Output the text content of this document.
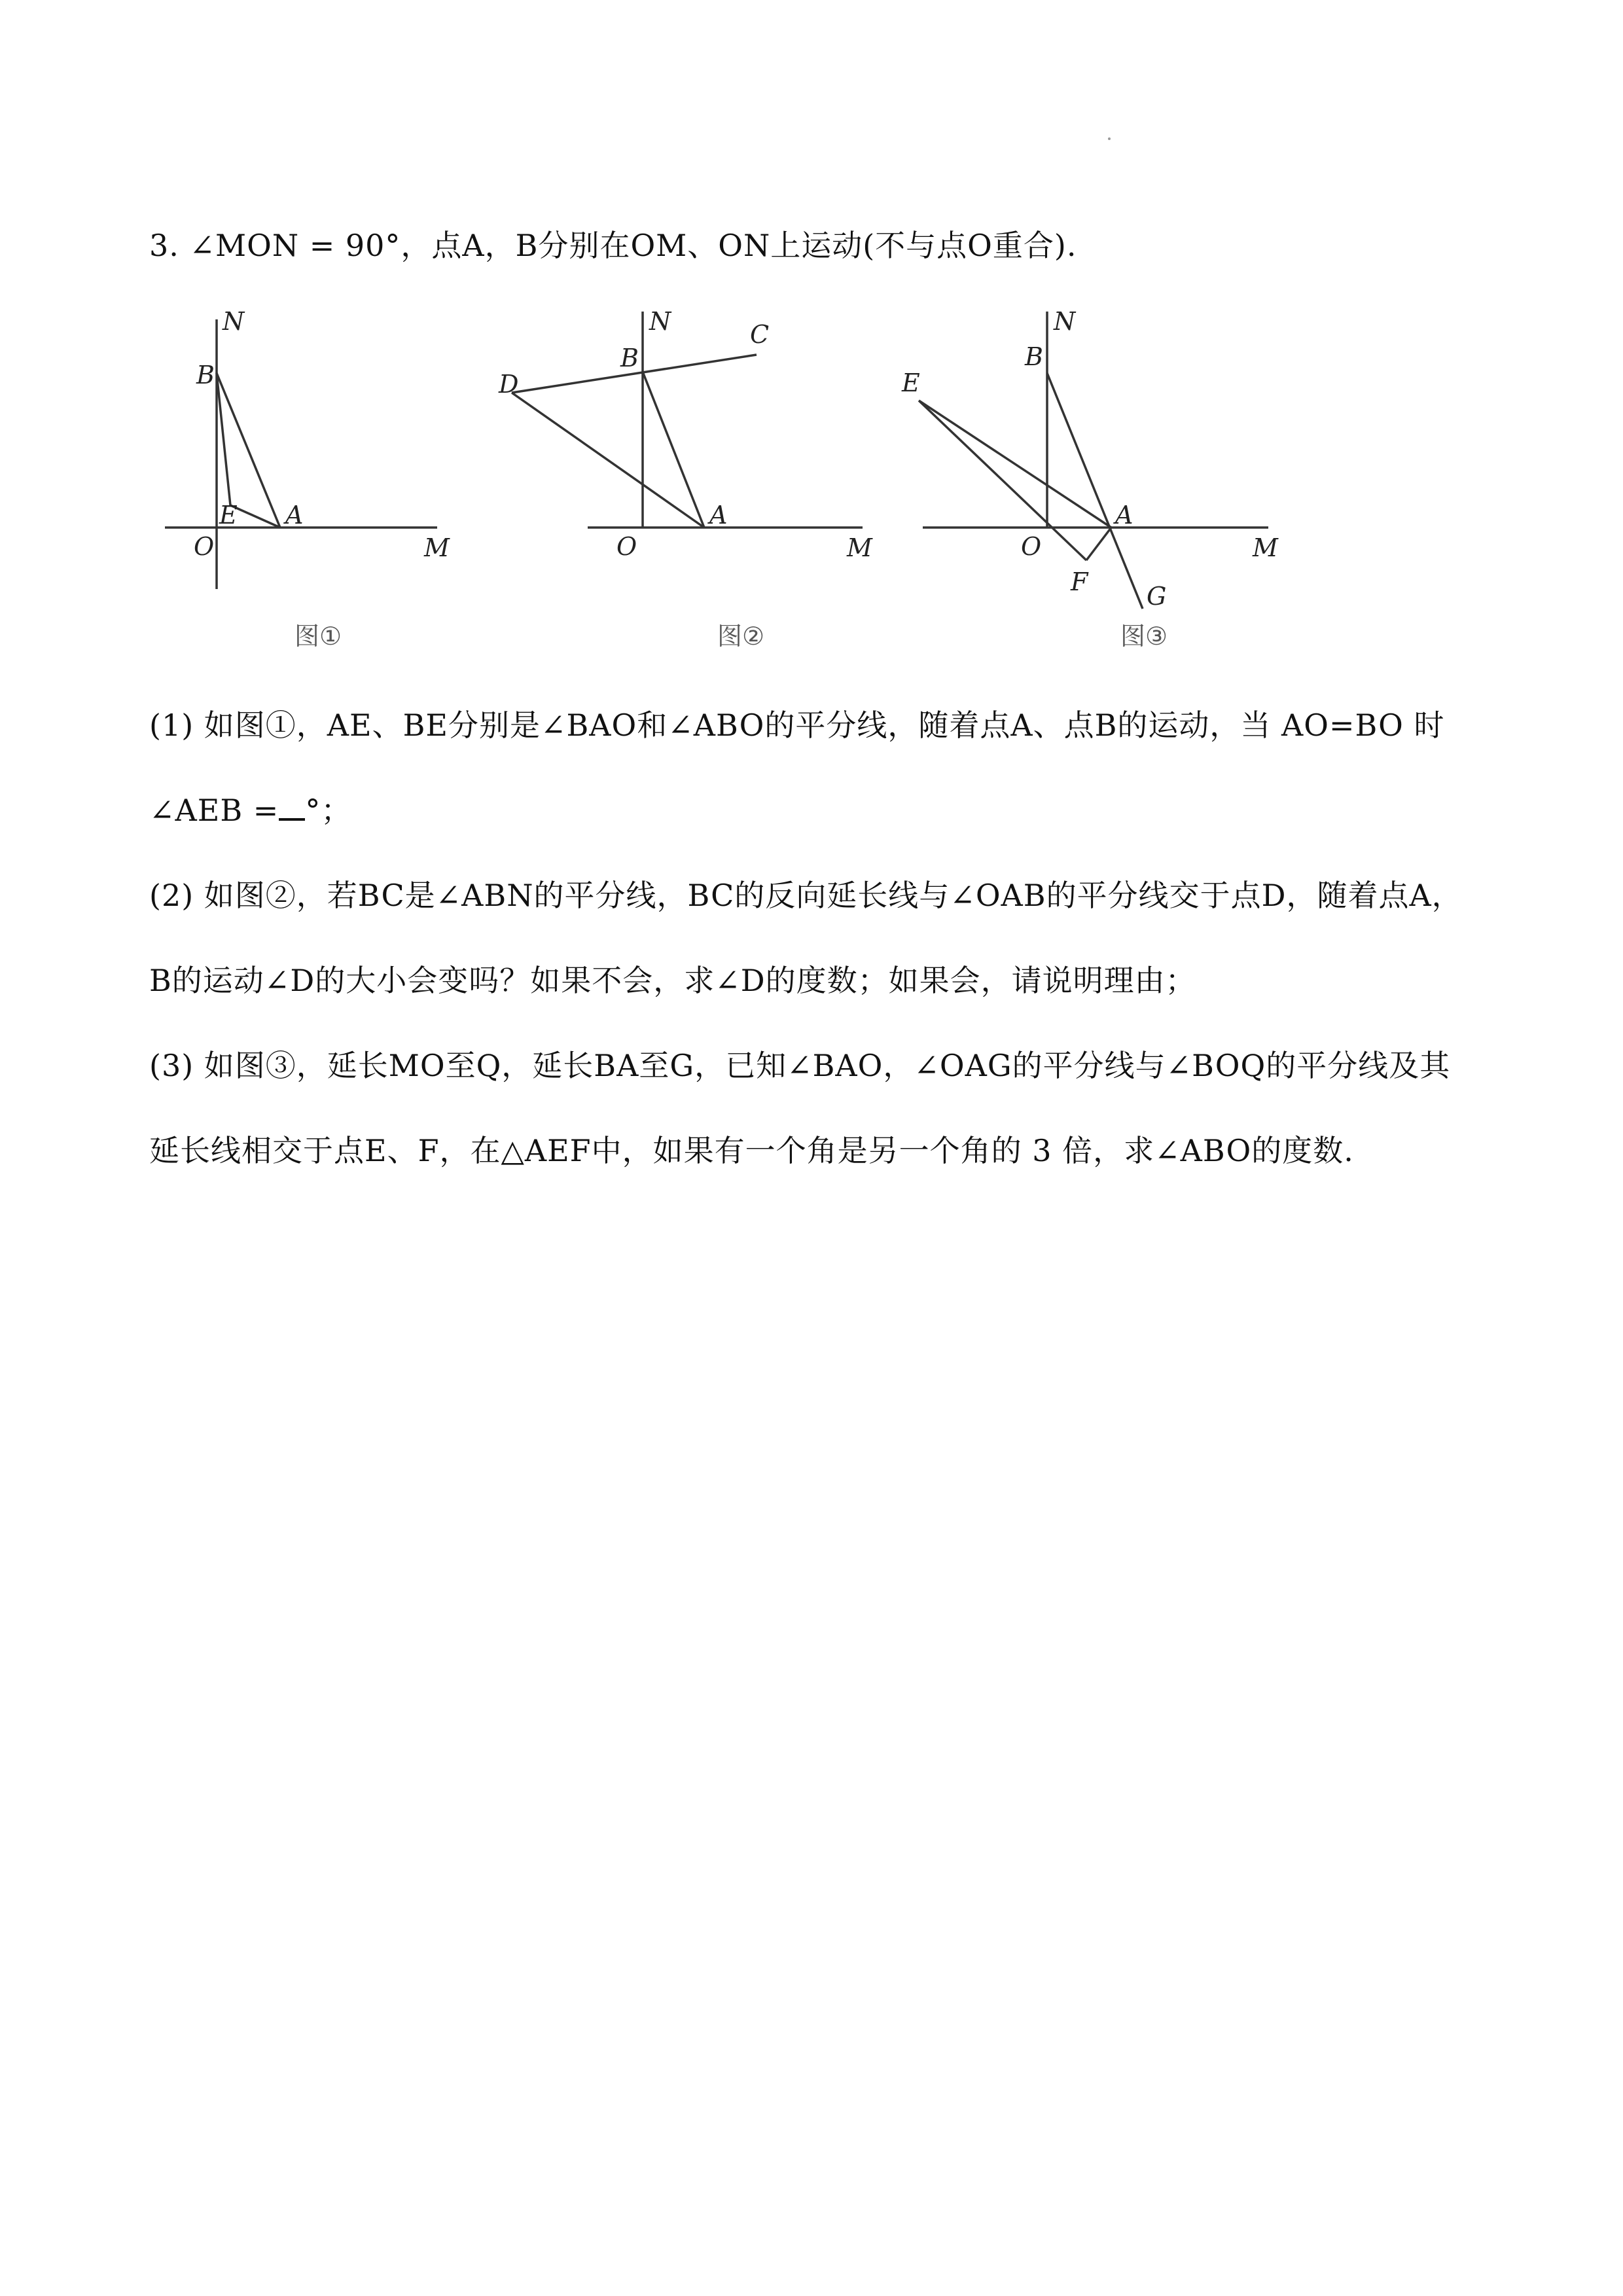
3. ∠MON = 90°，点A，B分别在OM、ON上运动(不与点O重合).
N
B
E A
O	M
图①
N	C
B
D
A
O	M
图②
N
B
E
A
O	M
F G
图③
(1) 如图①，AE、BE分别是∠BAO和∠ABO的平分线，随着点A、点B的运动，当 AO=BO 时
∠AEB = °；
(2) 如图②，若BC是∠ABN的平分线，BC的反向延长线与∠OAB的平分线交于点D，随着点A，
B的运动∠D的大小会变吗？如果不会，求∠D的度数；如果会，请说明理由；
(3) 如图③，延长MO至Q，延长BA至G，已知∠BAO，∠OAG的平分线与∠BOQ的平分线及其
延长线相交于点E、F，在△AEF中，如果有一个角是另一个角的 3 倍，求∠ABO的度数.
